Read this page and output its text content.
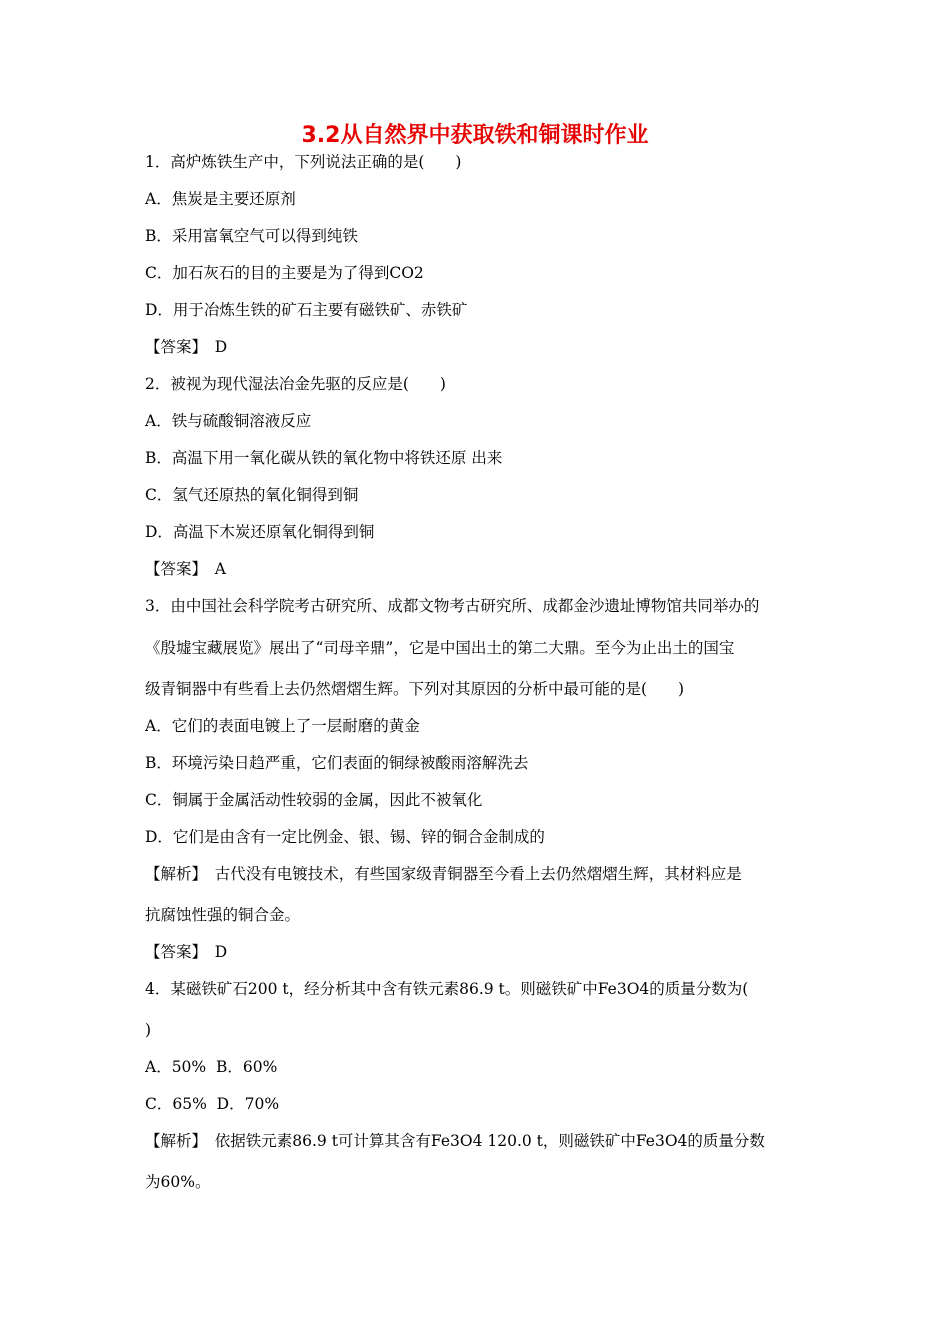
3.2从自然界中获取铁和铜课时作业
1．高炉炼铁生产中，下列说法正确的是(　　)
A．焦炭是主要还原剂
B．采用富氧空气可以得到纯铁
C．加石灰石的目的主要是为了得到CO2
D．用于冶炼生铁的矿石主要有磁铁矿、赤铁矿
【答案】　D
2．被视为现代湿法冶金先驱的反应是(　　)
A．铁与硫酸铜溶液反应
B．高温下用一氧化碳从铁的氧化物中将铁还原 出来
C．氢气还原热的氧化铜得到铜
D．高温下木炭还原氧化铜得到铜
【答案】　A
3．由中国社会科学院考古研究所、成都文物考古研究所、成都金沙遗址博物馆共同举办的
《殷墟宝藏展览》展出了“司母辛鼎”，它是中国出土的第二大鼎。至今为止出土的国宝
级青铜器中有些看上去仍然熠熠生辉。下列对其原因的分析中最可能的是(　　)
A．它们的表面电镀上了一层耐磨的黄金
B．环境污染日趋严重，它们表面的铜绿被酸雨溶解洗去
C．铜属于金属活动性较弱的金属，因此不被氧化
D．它们是由含有一定比例金、银、锡、锌的铜合金制成的
【解析】　古代没有电镀技术，有些国家级青铜器至今看上去仍然熠熠生辉，其材料应是
抗腐蚀性强的铜合金。
【答案】　D
4．某磁铁矿石200 t，经分析其中含有铁元素86.9 t。则磁铁矿中Fe3O4的质量分数为(
)
A．50%  B．60%
C．65%  D．70%
【解析】　依据铁元素86.9 t可计算其含有Fe3O4 120.0 t，则磁铁矿中Fe3O4的质量分数
为60%。
